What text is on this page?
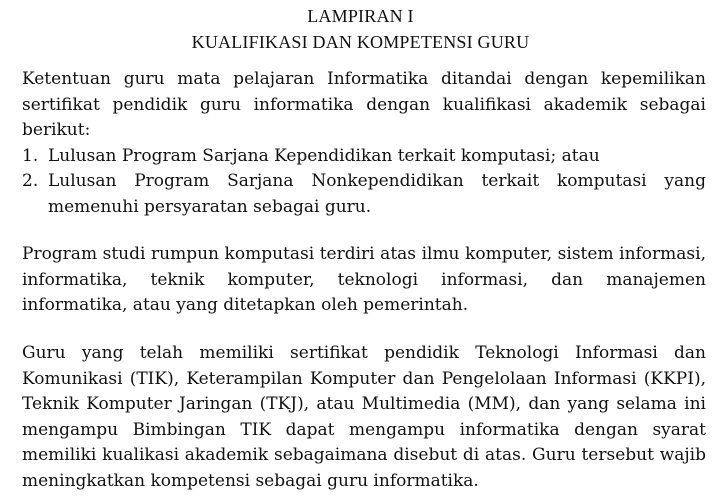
LAMPIRAN I
KUALIFIKASI DAN KOMPETENSI GURU

Ketentuan guru mata pelajaran Informatika ditandai dengan kepemilikan sertifikat pendidik guru informatika dengan kualifikasi akademik sebagai berikut:

1. Lulusan Program Sarjana Kependidikan terkait komputasi; atau
2. Lulusan Program Sarjana Nonkependidikan terkait komputasi yang memenuhi persyaratan sebagai guru.

Program studi rumpun komputasi terdiri atas ilmu komputer, sistem informasi, informatika, teknik komputer, teknologi informasi, dan manajemen informatika, atau yang ditetapkan oleh pemerintah.

Guru yang telah memiliki sertifikat pendidik Teknologi Informasi dan Komunikasi (TIK), Keterampilan Komputer dan Pengelolaan Informasi (KKPI), Teknik Komputer Jaringan (TKJ), atau Multimedia (MM), dan yang selama ini mengampu Bimbingan TIK dapat mengampu informatika dengan syarat memiliki kualikasi akademik sebagaimana disebut di atas. Guru tersebut wajib meningkatkan kompetensi sebagai guru informatika.
